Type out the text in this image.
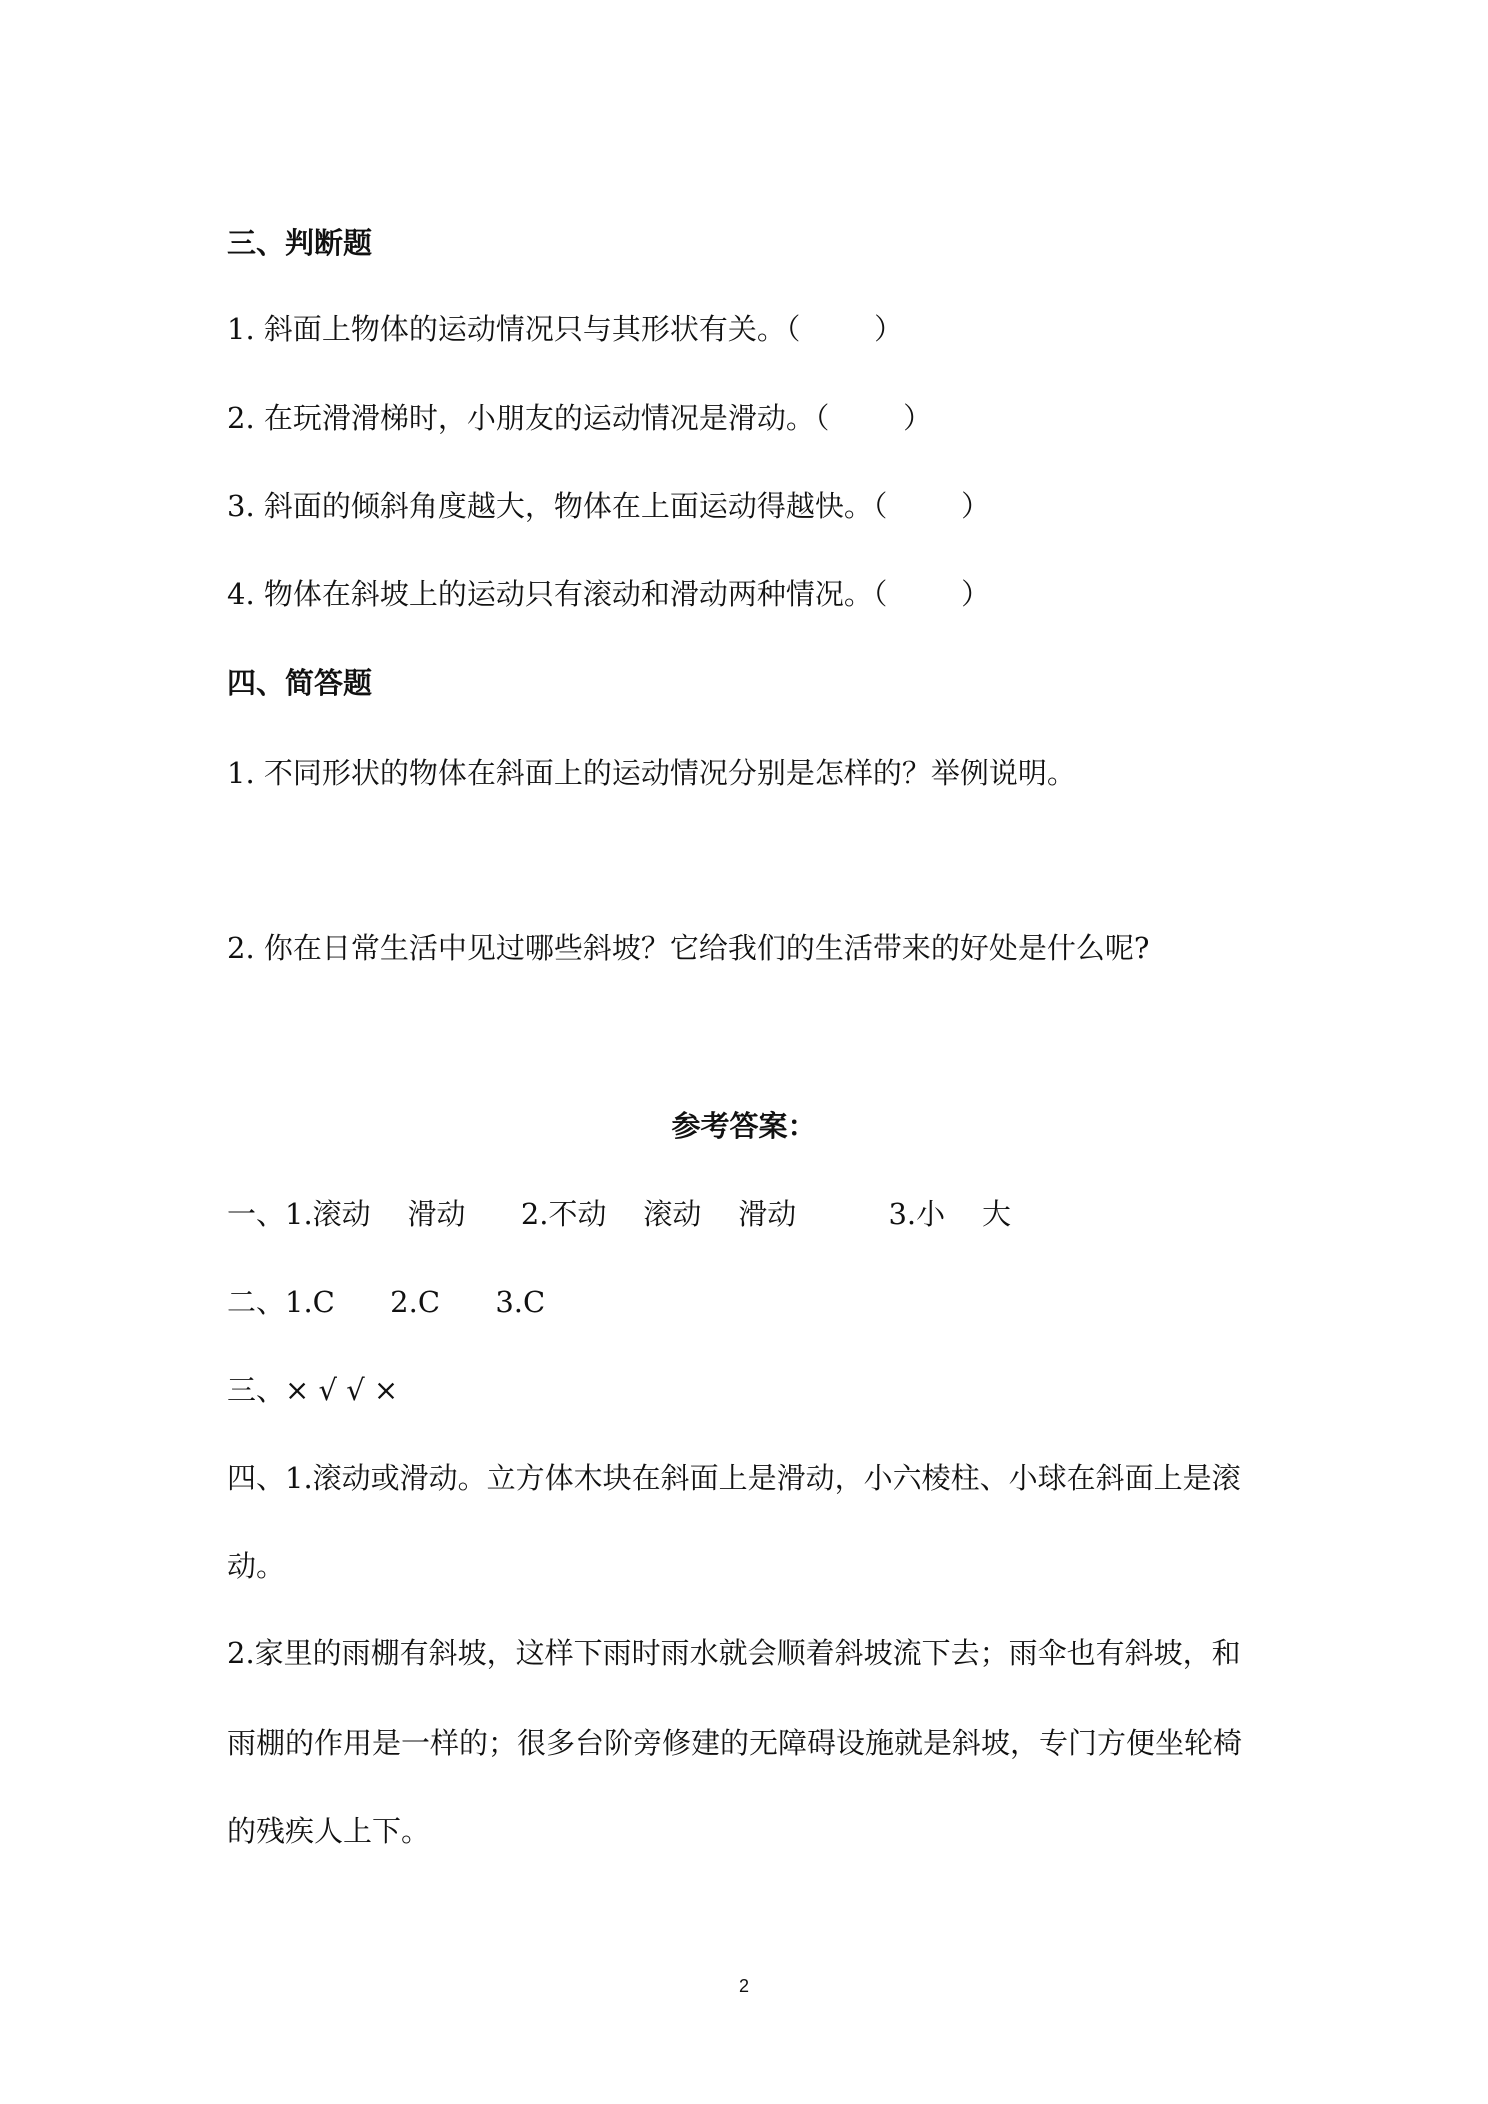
三、判断题
1. 斜面上物体的运动情况只与其形状有关。（        ）
2. 在玩滑滑梯时，小朋友的运动情况是滑动。（        ）
3. 斜面的倾斜角度越大，物体在上面运动得越快。（        ）
4. 物体在斜坡上的运动只有滚动和滑动两种情况。（        ）
四、简答题
1. 不同形状的物体在斜面上的运动情况分别是怎样的？举例说明。
2. 你在日常生活中见过哪些斜坡？它给我们的生活带来的好处是什么呢?
参考答案：
一、1.滚动    滑动      2.不动    滚动    滑动          3.小    大
二、1.C      2.C      3.C
三、× √ √ ×
四、1.滚动或滑动。立方体木块在斜面上是滑动，小六棱柱、小球在斜面上是滚
动。
2.家里的雨棚有斜坡，这样下雨时雨水就会顺着斜坡流下去；雨伞也有斜坡，和
雨棚的作用是一样的；很多台阶旁修建的无障碍设施就是斜坡，专门方便坐轮椅
的残疾人上下。
2
